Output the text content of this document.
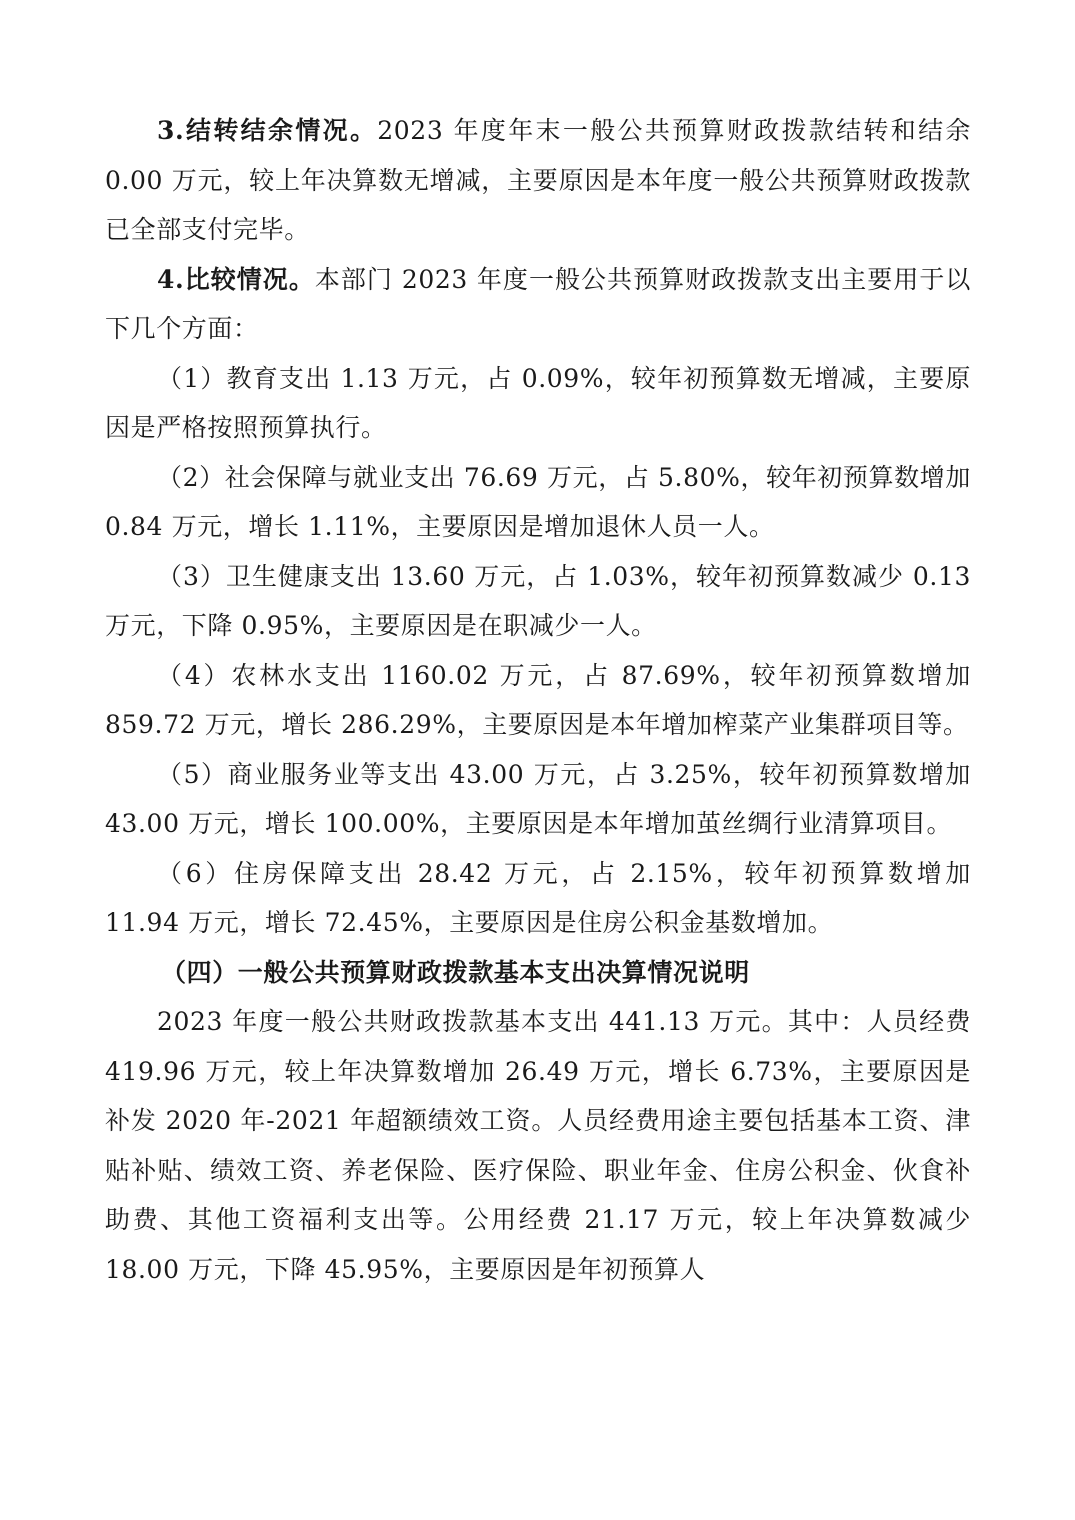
3.结转结余情况。2023 年度年末一般公共预算财政拨款结转和结余 0.00 万元，较上年决算数无增减，主要原因是本年度一般公共预算财政拨款已全部支付完毕。

4.比较情况。本部门 2023 年度一般公共预算财政拨款支出主要用于以下几个方面：

（1）教育支出 1.13 万元，占 0.09%，较年初预算数无增减，主要原因是严格按照预算执行。

（2）社会保障与就业支出 76.69 万元，占 5.80%，较年初预算数增加 0.84 万元，增长 1.11%，主要原因是增加退休人员一人。

（3）卫生健康支出 13.60 万元，占 1.03%，较年初预算数减少 0.13 万元，下降 0.95%，主要原因是在职减少一人。

（4）农林水支出 1160.02 万元，占 87.69%，较年初预算数增加 859.72 万元，增长 286.29%，主要原因是本年增加榨菜产业集群项目等。

（5）商业服务业等支出 43.00 万元，占 3.25%，较年初预算数增加 43.00 万元，增长 100.00%，主要原因是本年增加茧丝绸行业清算项目。

（6）住房保障支出 28.42 万元，占 2.15%，较年初预算数增加 11.94 万元，增长 72.45%，主要原因是住房公积金基数增加。

（四）一般公共预算财政拨款基本支出决算情况说明

2023 年度一般公共财政拨款基本支出 441.13 万元。其中：人员经费 419.96 万元，较上年决算数增加 26.49 万元，增长 6.73%，主要原因是补发 2020 年-2021 年超额绩效工资。人员经费用途主要包括基本工资、津贴补贴、绩效工资、养老保险、医疗保险、职业年金、住房公积金、伙食补助费、其他工资福利支出等。公用经费 21.17 万元，较上年决算数减少 18.00 万元，下降 45.95%，主要原因是年初预算人
